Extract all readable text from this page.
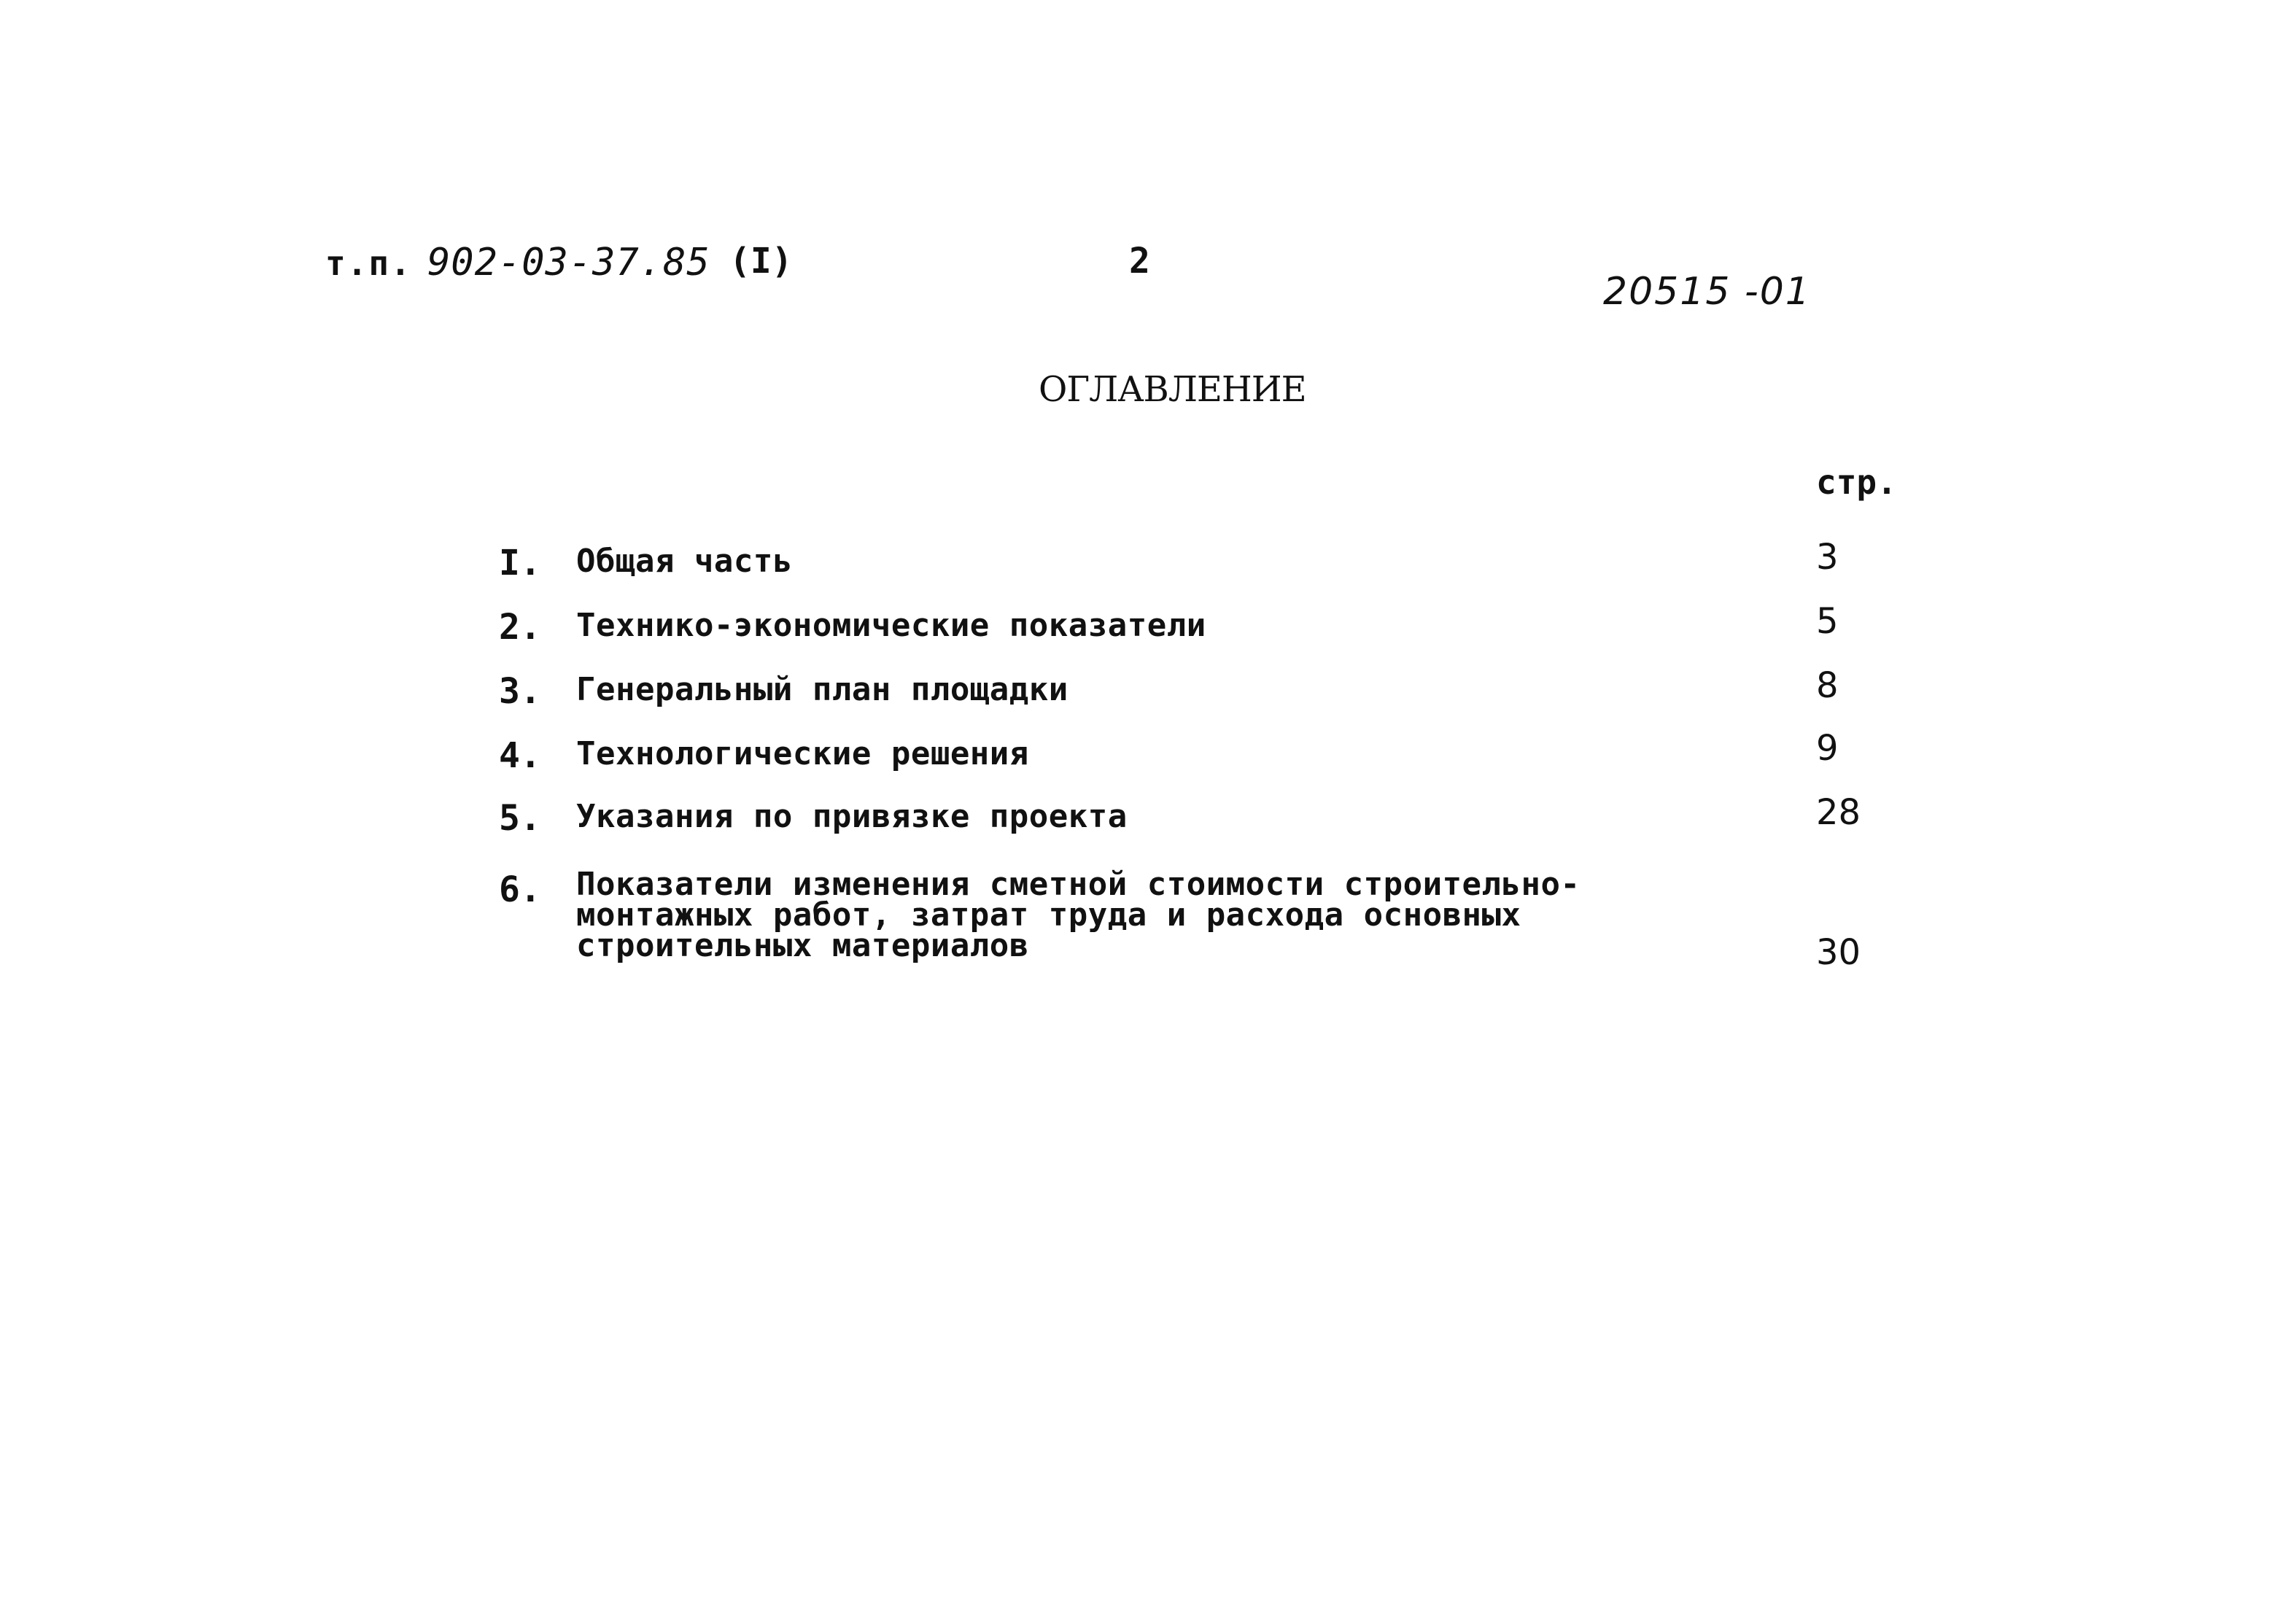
т.п. 902-03-37.85 (I)	2
20515 -01
ОГЛАВЛЕНИЕ
стр.
I. Общая часть	3
2. Технико-экономические показатели	5
3. Генеральный план площадки	8
4. Технологические решения	9
5. Указания по привязке проекта	28
6. Показатели изменения сметной стоимости строительно-
монтажных работ, затрат труда и расхода основных
строительных материалов	30
